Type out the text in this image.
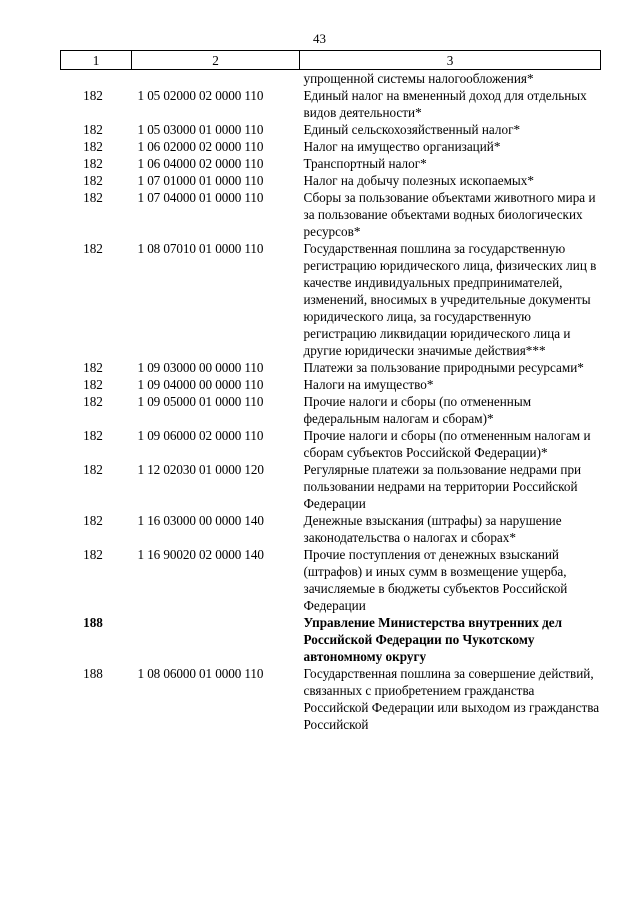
43
1	2	3
		упрощенной системы налогообложения*
182	1 05 02000 02 0000 110	Единый налог на вмененный доход для отдельных видов деятельности*
182	1 05 03000 01 0000 110	Единый сельскохозяйственный налог*
182	1 06 02000 02 0000 110	Налог на имущество организаций*
182	1 06 04000 02 0000 110	Транспортный налог*
182	1 07 01000 01 0000 110	Налог на добычу полезных ископаемых*
182	1 07 04000 01 0000 110	Сборы за пользование объектами животного мира и за пользование объектами водных биологических ресурсов*
182	1 08 07010 01 0000 110	Государственная пошлина за государственную регистрацию юридического лица, физических лиц в качестве индивидуальных предпринимателей, изменений, вносимых в учредительные документы юридического лица, за государственную регистрацию ликвидации юридического лица и другие юридически значимые действия***
182	1 09 03000 00 0000 110	Платежи за пользование природными ресурсами*
182	1 09 04000 00 0000 110	Налоги на имущество*
182	1 09 05000 01 0000 110	Прочие налоги и сборы (по отмененным федеральным налогам и сборам)*
182	1 09 06000 02 0000 110	Прочие налоги и сборы (по отмененным налогам и сборам субъектов Российской Федерации)*
182	1 12 02030 01 0000 120	Регулярные платежи за пользование недрами при пользовании недрами на территории Российской Федерации
182	1 16 03000 00 0000 140	Денежные взыскания (штрафы) за нарушение законодательства о налогах и сборах*
182	1 16 90020 02 0000 140	Прочие поступления от денежных взысканий (штрафов) и иных сумм в возмещение ущерба, зачисляемые в бюджеты субъектов Российской Федерации
188		Управление Министерства внутренних дел Российской Федерации по Чукотскому автономному округу
188	1 08 06000 01 0000 110	Государственная пошлина за совершение действий, связанных с приобретением гражданства Российской Федерации или выходом из гражданства Российской
